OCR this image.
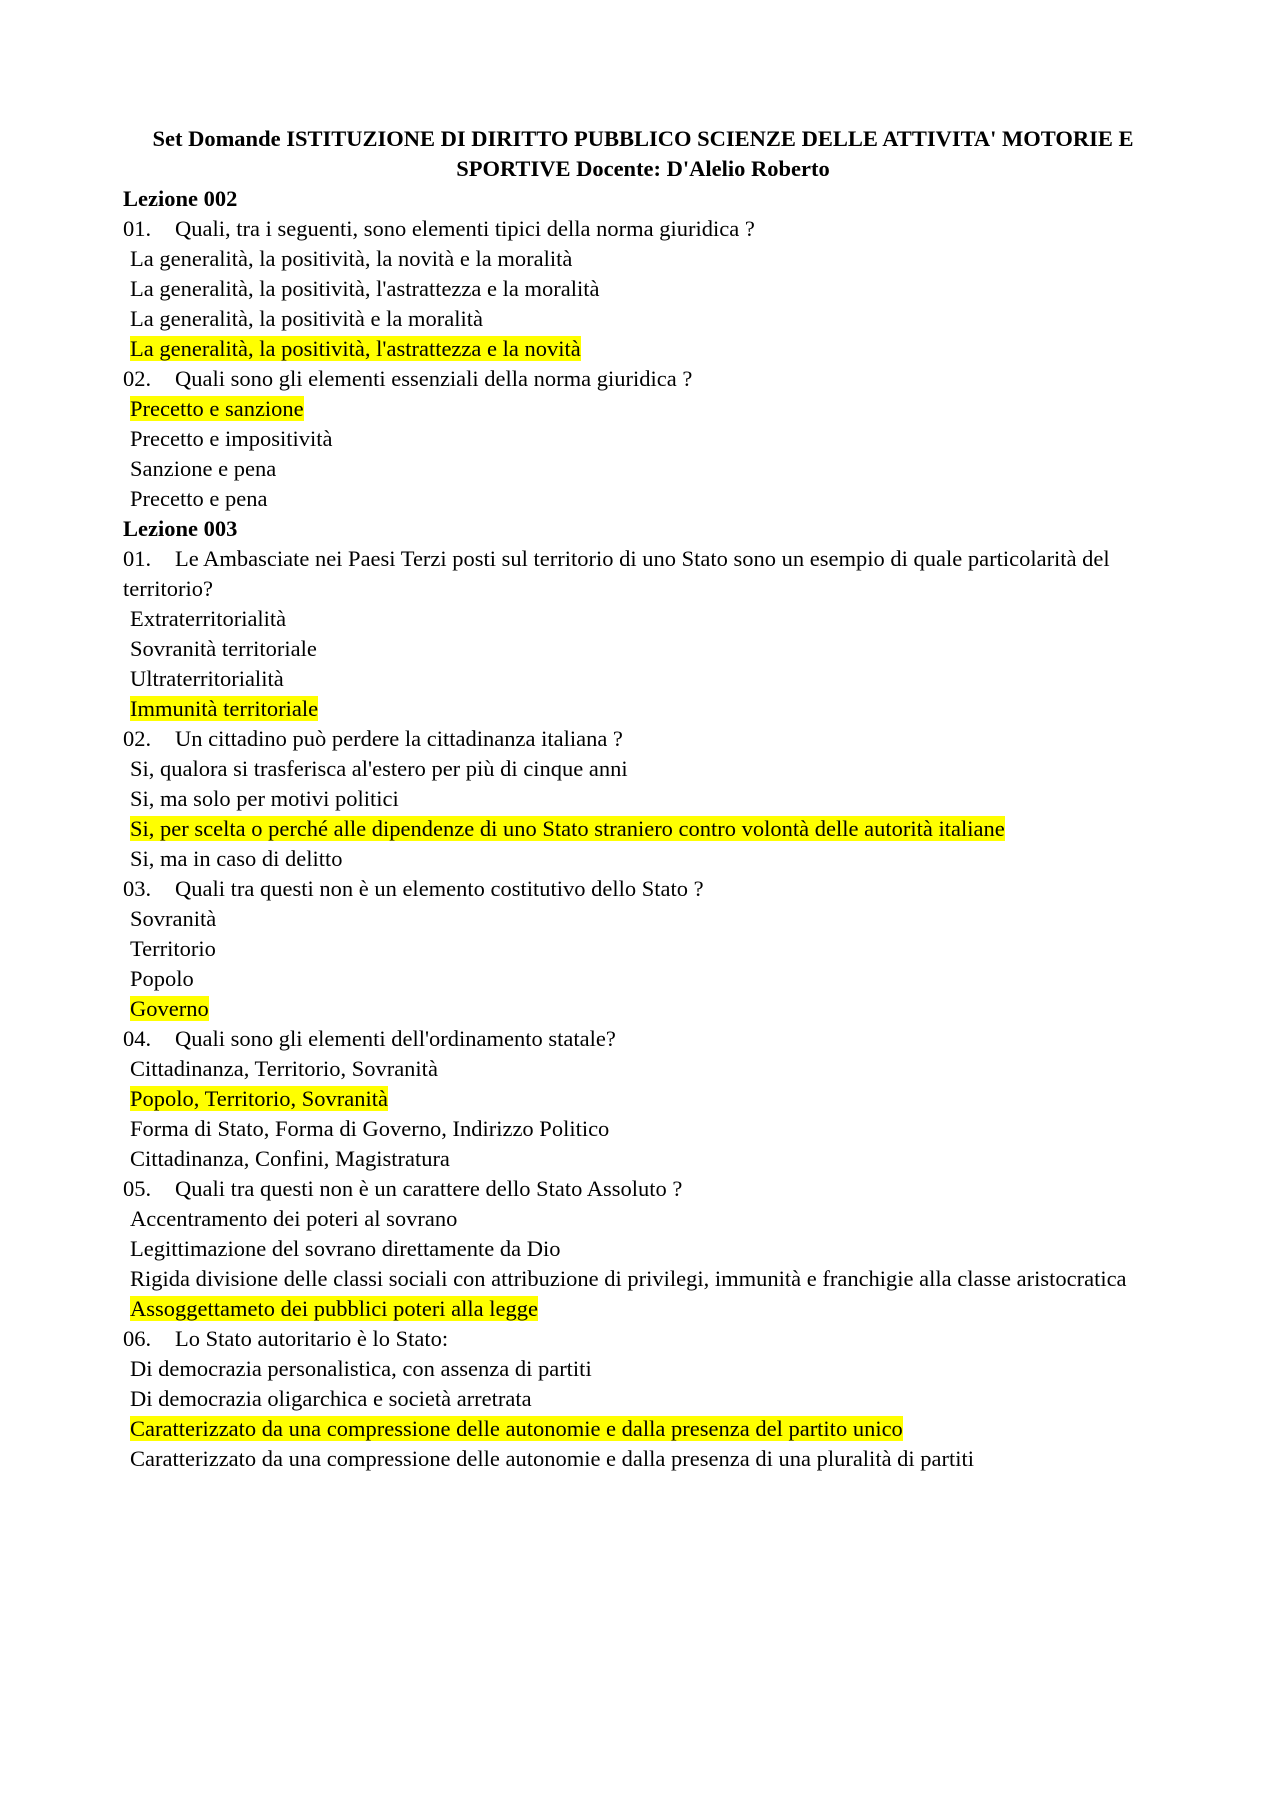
Set Domande ISTITUZIONE DI DIRITTO PUBBLICO SCIENZE DELLE ATTIVITA' MOTORIE E SPORTIVE Docente: D'Alelio Roberto
Lezione 002
01.	Quali, tra i seguenti, sono elementi tipici della norma giuridica ?
La generalità, la positività, la novità e la moralità
La generalità, la positività, l'astrattezza e la moralità
La generalità, la positività e la moralità
La generalità, la positività, l'astrattezza e la novità
02.	Quali sono gli elementi essenziali della norma giuridica ?
Precetto e sanzione
Precetto e impositività
Sanzione e pena
Precetto e pena
Lezione 003
01. Le Ambasciate nei Paesi Terzi posti sul territorio di uno Stato sono un esempio di quale particolarità del territorio?
Extraterritorialità
Sovranità territoriale
Ultraterritorialità
Immunità territoriale
02.	Un cittadino può perdere la cittadinanza italiana ?
Si, qualora si trasferisca al'estero per più di cinque anni
Si, ma solo per motivi politici
Si, per scelta o perché alle dipendenze di uno Stato straniero contro volontà delle autorità italiane
Si, ma in caso di delitto
03.	Quali tra questi non è un elemento costitutivo dello Stato ?
Sovranità
Territorio
Popolo
Governo
04.	Quali sono gli elementi dell'ordinamento statale?
Cittadinanza, Territorio, Sovranità
Popolo, Territorio, Sovranità
Forma di Stato, Forma di Governo, Indirizzo Politico
Cittadinanza, Confini, Magistratura
05.	Quali tra questi non è un carattere dello Stato Assoluto ?
Accentramento dei poteri al sovrano
Legittimazione del sovrano direttamente da Dio
Rigida divisione delle classi sociali con attribuzione di privilegi, immunità e franchigie alla classe aristocratica
Assoggettameto dei pubblici poteri alla legge
06.	Lo Stato autoritario è lo Stato:
Di democrazia personalistica, con assenza di partiti
Di democrazia oligarchica e società arretrata
Caratterizzato da una compressione delle autonomie e dalla presenza del partito unico
Caratterizzato da una compressione delle autonomie e dalla presenza di una pluralità di partiti
